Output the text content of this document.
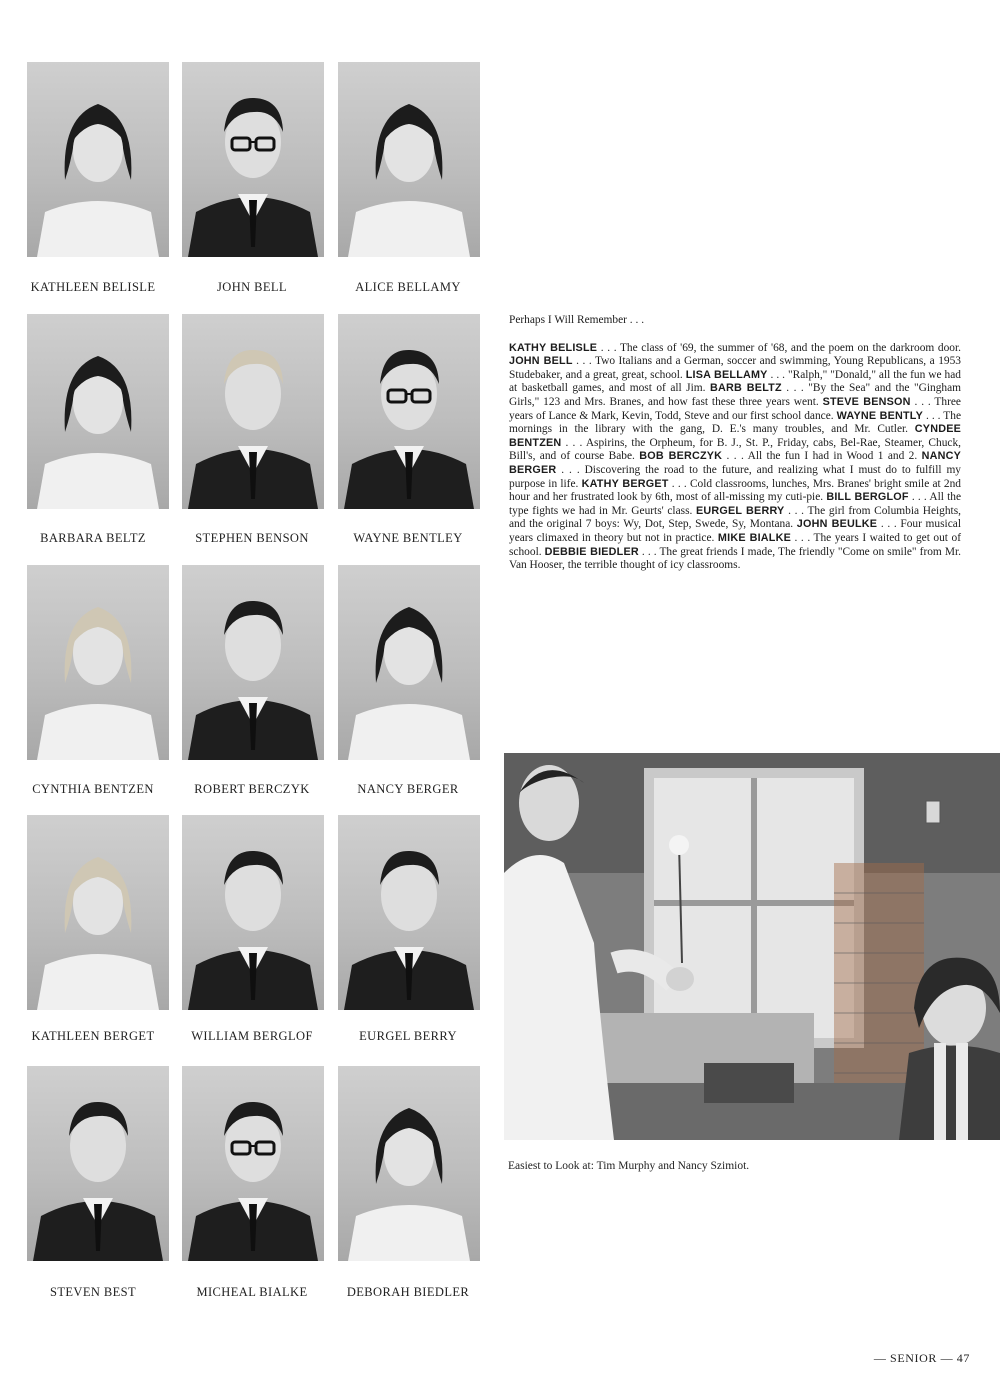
KATHLEEN BELISLE	JOHN BELL	ALICE BELLAMY
BARBARA BELTZ	STEPHEN BENSON	WAYNE BENTLEY
CYNTHIA BENTZEN	ROBERT BERCZYK	NANCY BERGER
KATHLEEN BERGET	WILLIAM BERGLOF	EURGEL BERRY
STEVEN BEST	MICHEAL BIALKE	DEBORAH BIEDLER

Perhaps I Will Remember . . .

KATHY BELISLE . . . The class of '69, the summer of '68, and the poem on the darkroom door. JOHN BELL . . . Two Italians and a German, soccer and swimming, Young Republicans, a 1953 Studebaker, and a great, great, school. LISA BELLAMY . . . "Ralph," "Donald," all the fun we had at basketball games, and most of all Jim. BARB BELTZ . . . "By the Sea" and the "Gingham Girls," 123 and Mrs. Branes, and how fast these three years went. STEVE BENSON . . . Three years of Lance & Mark, Kevin, Todd, Steve and our first school dance. WAYNE BENTLY . . . The mornings in the library with the gang, D. E.'s many troubles, and Mr. Cutler. CYNDEE BENTZEN . . . Aspirins, the Orpheum, for B. J., St. P., Friday, cabs, Bel-Rae, Steamer, Chuck, Bill's, and of course Babe. BOB BERCZYK . . . All the fun I had in Wood 1 and 2. NANCY BERGER . . . Discovering the road to the future, and realizing what I must do to fulfill my purpose in life. KATHY BERGET . . . Cold classrooms, lunches, Mrs. Branes' bright smile at 2nd hour and her frustrated look by 6th, most of all-missing my cuti-pie. BILL BERGLOF . . . All the type fights we had in Mr. Geurts' class. EURGEL BERRY . . . The girl from Columbia Heights, and the original 7 boys: Wy, Dot, Step, Swede, Sy, Montana. JOHN BEULKE . . . Four musical years climaxed in theory but not in practice. MIKE BIALKE . . . The years I waited to get out of school. DEBBIE BIEDLER . . . The great friends I made, The friendly "Come on smile" from Mr. Van Hooser, the terrible thought of icy classrooms.

Easiest to Look at: Tim Murphy and Nancy Szimiot.
— SENIOR — 47
